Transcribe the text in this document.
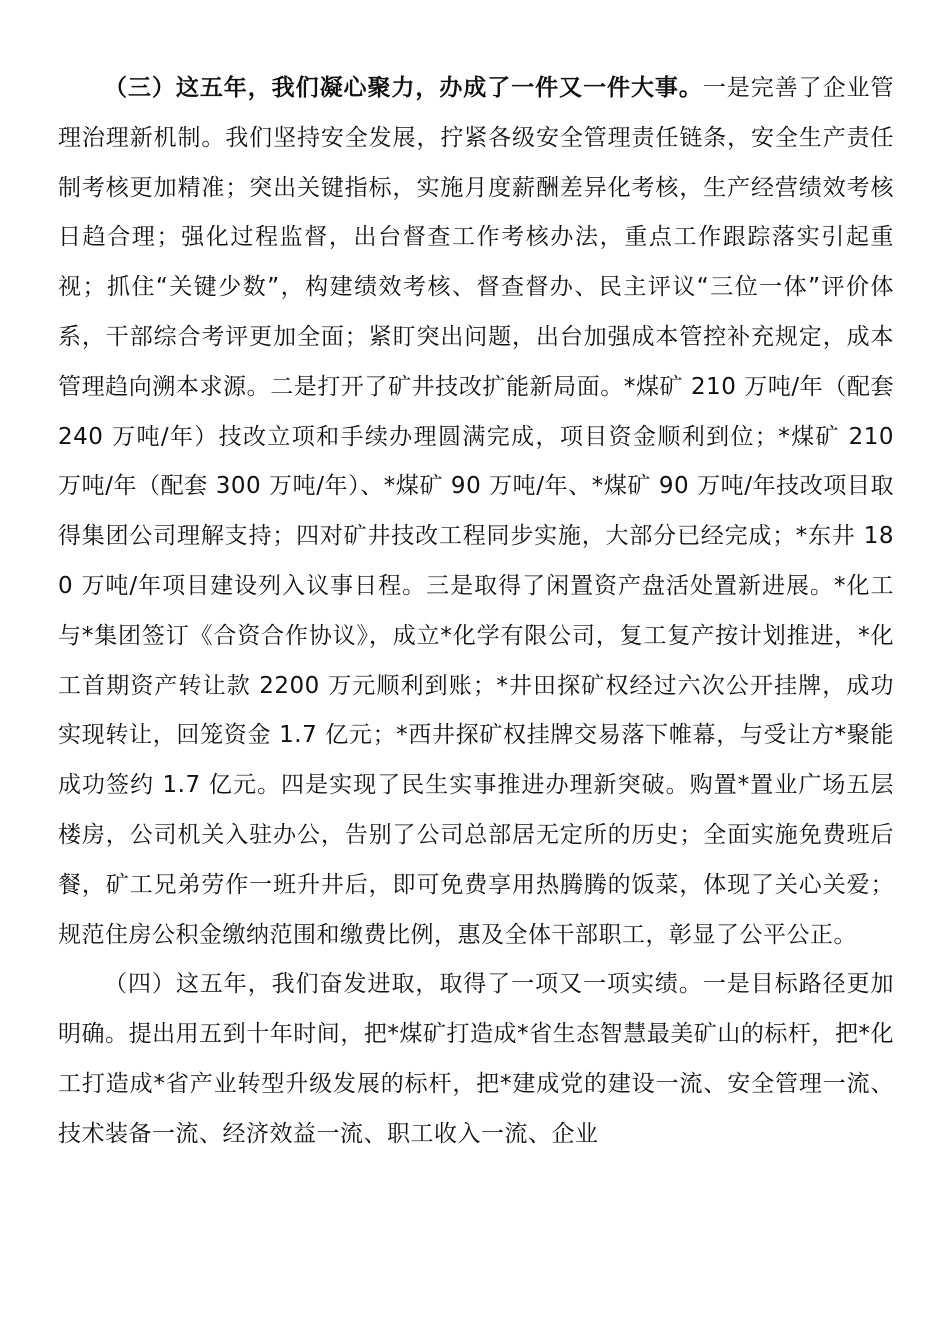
（三）这五年，我们凝心聚力，办成了一件又一件大事。一是完善了企业管理治理新机制。我们坚持安全发展，拧紧各级安全管理责任链条，安全生产责任制考核更加精准；突出关键指标，实施月度薪酬差异化考核，生产经营绩效考核日趋合理；强化过程监督，出台督查工作考核办法，重点工作跟踪落实引起重视；抓住“关键少数”，构建绩效考核、督查督办、民主评议“三位一体”评价体系，干部综合考评更加全面；紧盯突出问题，出台加强成本管控补充规定，成本管理趋向溯本求源。二是打开了矿井技改扩能新局面。*煤矿 210 万吨/年（配套 240 万吨/年）技改立项和手续办理圆满完成，项目资金顺利到位；*煤矿 210 万吨/年（配套 300 万吨/年）、*煤矿 90 万吨/年、*煤矿 90 万吨/年技改项目取得集团公司理解支持；四对矿井技改工程同步实施，大部分已经完成；*东井 180 万吨/年项目建设列入议事日程。三是取得了闲置资产盘活处置新进展。*化工与*集团签订《合资合作协议》，成立*化学有限公司，复工复产按计划推进，*化工首期资产转让款 2200 万元顺利到账；*井田探矿权经过六次公开挂牌，成功实现转让，回笼资金 1.7 亿元；*西井探矿权挂牌交易落下帷幕，与受让方*聚能成功签约 1.7 亿元。四是实现了民生实事推进办理新突破。购置*置业广场五层楼房，公司机关入驻办公，告别了公司总部居无定所的历史；全面实施免费班后餐，矿工兄弟劳作一班升井后，即可免费享用热腾腾的饭菜，体现了关心关爱；规范住房公积金缴纳范围和缴费比例，惠及全体干部职工，彰显了公平公正。

（四）这五年，我们奋发进取，取得了一项又一项实绩。一是目标路径更加明确。提出用五到十年时间，把*煤矿打造成*省生态智慧最美矿山的标杆，把*化工打造成*省产业转型升级发展的标杆，把*建成党的建设一流、安全管理一流、技术装备一流、经济效益一流、职工收入一流、企业
